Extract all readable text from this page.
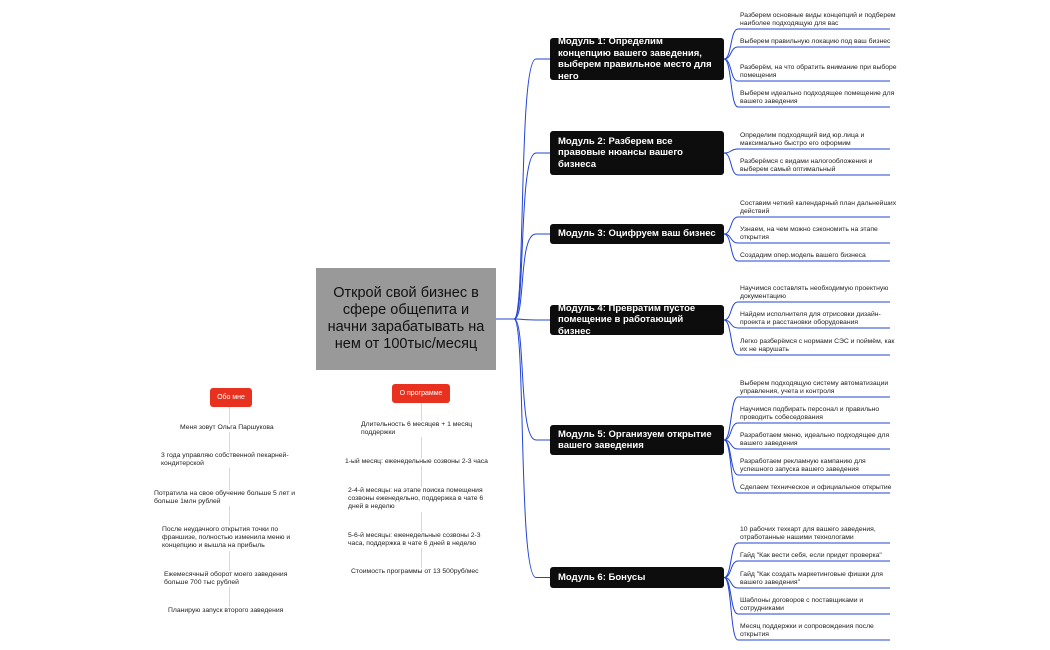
Открой свой бизнес в сфере общепита и начни зарабатывать на нем от 100тыс/месяц
Модуль 1: Определим концепцию вашего заведения, выберем правильное место для него
Модуль 2: Разберем все правовые нюансы вашего бизнеса
Модуль 3: Оцифруем ваш бизнес
Модуль 4: Превратим пустое помещение в работающий бизнес
Модуль 5: Организуем открытие вашего заведения
Модуль 6: Бонусы
Разберем основные виды концепций и подберем наиболее подходящую для вас
Выберем правильную локацию под ваш бизнес
Разберём, на что обратить внимание при выборе помещения
Выберем идеально подходящее помещение для вашего заведения
Определим подходящий вид юр.лица и максимально быстро его оформим
Разберёмся с видами налогообложения и выберем самый оптимальный
Составим четкий календарный план дальнейших действий
Узнаем, на чем можно сэкономить на этапе открытия
Создадим опер.модель вашего бизнеса
Научимся составлять необходимую проектную документацию
Найдем исполнителя для отрисовки дизайн-проекта и расстановки оборудования
Легко разберёмся с нормами СЭС и поймём, как их не нарушать
Выберем подходящую систему автоматизации управления, учета и контроля
Научимся подбирать персонал и правильно проводить собеседования
Разработаем меню, идеально подходящее для вашего заведения
Разработаем рекламную кампанию для успешного запуска вашего заведения
Сделаем техническое и официальное открытие
10 рабочих техкарт для вашего заведения, отработанные нашими технологами
Гайд "Как вести себя, если придет проверка"
Гайд "Как создать маркетинговые фишки для вашего заведения"
Шаблоны договоров с поставщиками и сотрудниками
Месяц поддержки и сопровождения после открытия
Обо мне
Меня зовут Ольга Паршукова
3 года управляю собственной пекарней-кондитерской
Потратила на свое обучение больше 5 лет и больше 1млн рублей
После неудачного открытия точки по франшизе, полностью изменила меню и концепцию и вышла на прибыль
Ежемесячный оборот моего заведения больше 700 тыс рублей
Планирую запуск второго заведения
О программе
Длительность 6 месяцев + 1 месяц поддержки
1-ый месяц: еженедельные созвоны 2-3 часа
2-4-й месяцы: на этапе поиска помещения созвоны еженедельно, поддержка в чате 6 дней в неделю
5-6-й месяцы: еженедельные созвоны 2-3 часа, поддержка в чате 6 дней в неделю
Стоимость программы от 13 500руб/мес
